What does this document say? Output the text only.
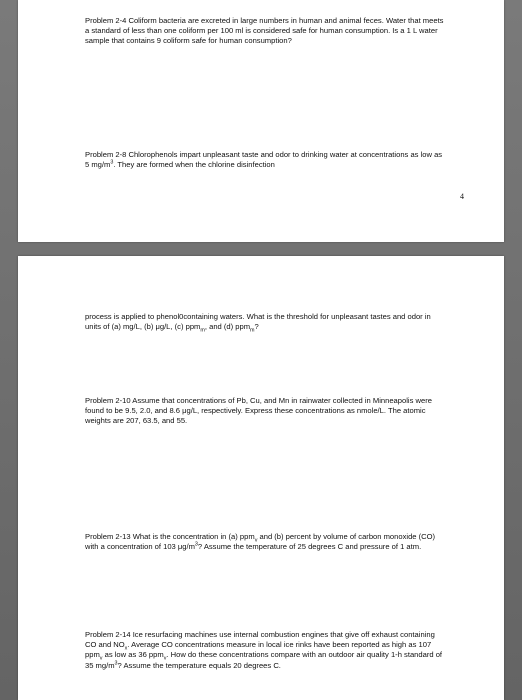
Problem 2-4 Coliform bacteria are excreted in large numbers in human and animal feces. Water that meets a standard of less than one coliform per 100 ml is considered safe for human consumption. Is a 1 L water sample that contains 9 coliform safe for human consumption?

Problem 2-8 Chlorophenols impart unpleasant taste and odor to drinking water at concentrations as low as 5 $mg/m^3$. They are formed when the chlorine disinfection

4

process is applied to phenol0containing waters. What is the threshold for unpleasant tastes and odor in units of (a) mg/L, (b) μg/L, (c) ppm$_m$, and (d) ppm$_m$?

Problem 2-10 Assume that concentrations of Pb, Cu, and Mn in rainwater collected in Minneapolis were found to be 9.5, 2.0, and 8.6 μg/L, respectively. Express these concentrations as nmole/L. The atomic weights are 207, 63.5, and 55.

Problem 2-13 What is the concentration in (a) ppm$_v$ and (b) percent by volume of carbon monoxide (CO) with a concentration of 103 $\mu g/m^3$? Assume the temperature of 25 degrees C and pressure of 1 atm.

Problem 2-14 Ice resurfacing machines use internal combustion engines that give off exhaust containing CO and $NO_x$. Average CO concentrations measure in local ice rinks have been reported as high as 107 ppm$_v$ as low as 36 ppm$_v$. How do these concentrations compare with an outdoor air quality 1-h standard of 35 $mg/m^3$? Assume the temperature equals 20 degrees C.
